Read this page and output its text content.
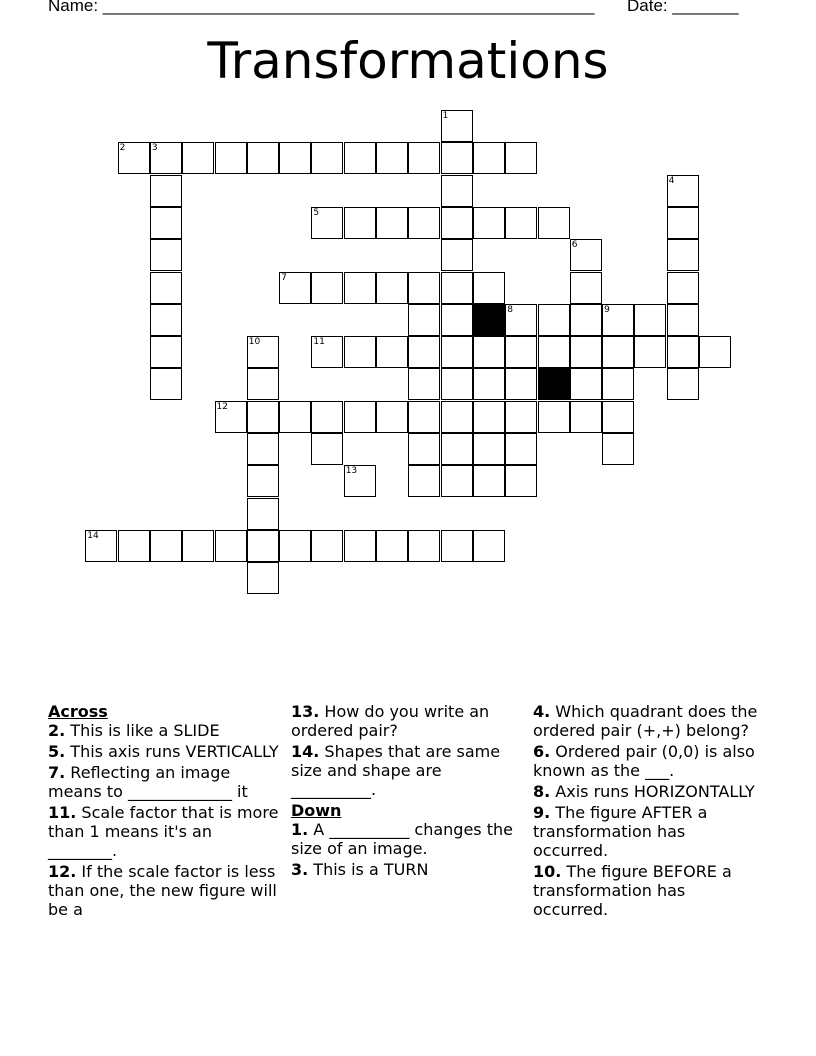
Name: ____________________________________________________ Date: _______
Transformations
1
2	3
4
5
6
7
8	9
10	11
12
13
14
Across
2. This is like a SLIDE
5. This axis runs VERTICALLY
7. Reflecting an image means to _____________ it
11. Scale factor that is more than 1 means it's an ________.
12. If the scale factor is less than one, the new figure will be a
13. How do you write an ordered pair?
14. Shapes that are same size and shape are __________.
Down
1. A __________ changes the size of an image.
3. This is a TURN
4. Which quadrant does the ordered pair (+,+) belong?
6. Ordered pair (0,0) is also known as the ___.
8. Axis runs HORIZONTALLY
9. The figure AFTER a transformation has occurred.
10. The figure BEFORE a transformation has occurred.
